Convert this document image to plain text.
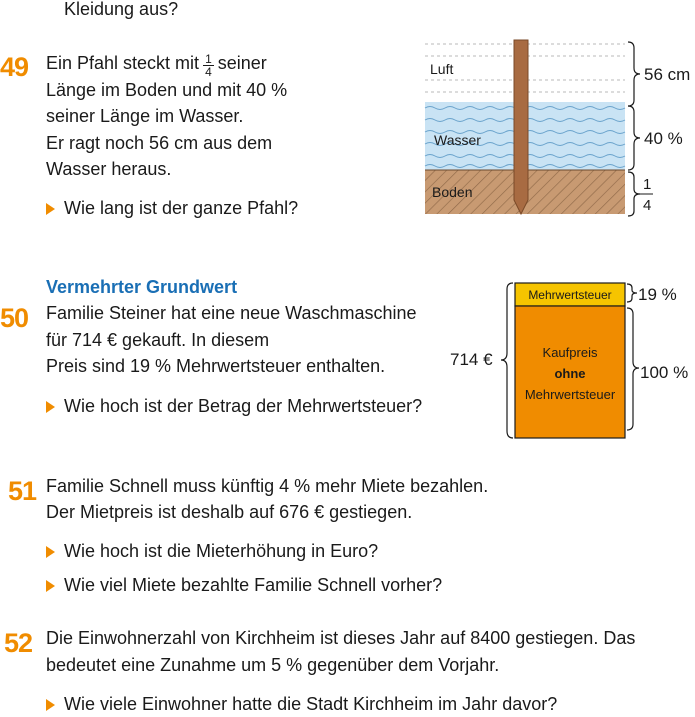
Kleidung aus?
49 Ein Pfahl steckt mit $\frac{1}{4}$ seiner
Länge im Boden und mit 40 %
seiner Länge im Wasser.
Er ragt noch 56 cm aus dem
Wasser heraus.
Wie lang ist der ganze Pfahl?
Luft
Wasser
Boden
56 cm
40 %
1
4
Vermehrter Grundwert
50 Familie Steiner hat eine neue Waschmaschine
für 714 € gekauft. In diesem
Preis sind 19 % Mehrwertsteuer enthalten.
Wie hoch ist der Betrag der Mehrwertsteuer?
Mehrwertsteuer
Kaufpreis
ohne
Mehrwertsteuer
714 €
19 %
100 %
51 Familie Schnell muss künftig 4 % mehr Miete bezahlen.
Der Mietpreis ist deshalb auf 676 € gestiegen.
Wie hoch ist die Mieterhöhung in Euro?
Wie viel Miete bezahlte Familie Schnell vorher?
52 Die Einwohnerzahl von Kirchheim ist dieses Jahr auf 8400 gestiegen. Das
bedeutet eine Zunahme um 5 % gegenüber dem Vorjahr.
Wie viele Einwohner hatte die Stadt Kirchheim im Jahr davor?
